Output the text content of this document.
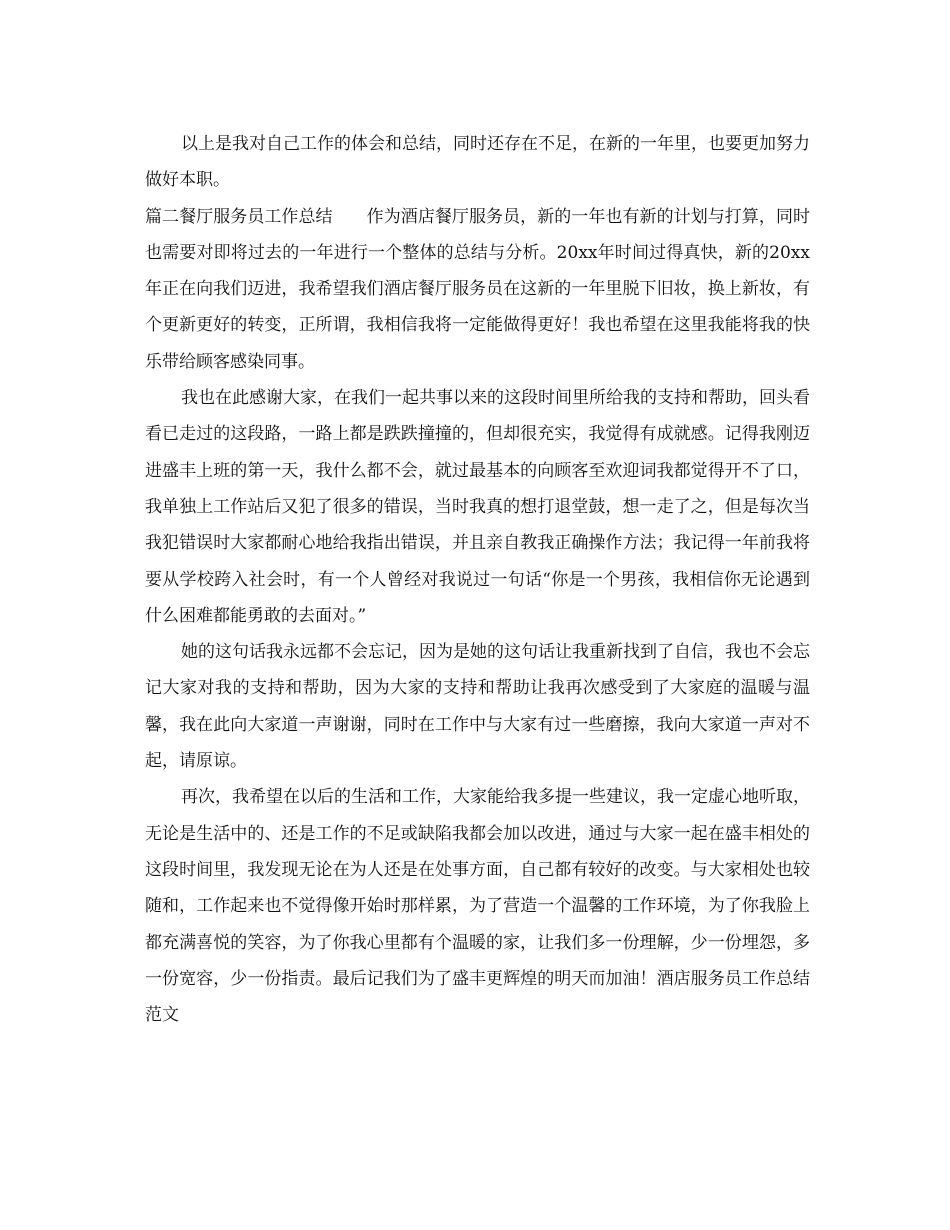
以上是我对自己工作的体会和总结，同时还存在不足，在新的一年里，也要更加努力做好本职。

篇二餐厅服务员工作总结 作为酒店餐厅服务员，新的一年也有新的计划与打算，同时也需要对即将过去的一年进行一个整体的总结与分析。20xx年时间过得真快，新的20xx年正在向我们迈进，我希望我们酒店餐厅服务员在这新的一年里脱下旧妆，换上新妆，有个更新更好的转变，正所谓，我相信我将一定能做得更好！我也希望在这里我能将我的快乐带给顾客感染同事。

我也在此感谢大家，在我们一起共事以来的这段时间里所给我的支持和帮助，回头看看已走过的这段路，一路上都是跌跌撞撞的，但却很充实，我觉得有成就感。记得我刚迈进盛丰上班的第一天，我什么都不会，就过最基本的向顾客至欢迎词我都觉得开不了口，我单独上工作站后又犯了很多的错误，当时我真的想打退堂鼓，想一走了之，但是每次当我犯错误时大家都耐心地给我指出错误，并且亲自教我正确操作方法；我记得一年前我将要从学校跨入社会时，有一个人曾经对我说过一句话“你是一个男孩，我相信你无论遇到什么困难都能勇敢的去面对。”

她的这句话我永远都不会忘记，因为是她的这句话让我重新找到了自信，我也不会忘记大家对我的支持和帮助，因为大家的支持和帮助让我再次感受到了大家庭的温暖与温馨，我在此向大家道一声谢谢，同时在工作中与大家有过一些磨擦，我向大家道一声对不起，请原谅。

再次，我希望在以后的生活和工作，大家能给我多提一些建议，我一定虚心地听取，无论是生活中的、还是工作的不足或缺陷我都会加以改进，通过与大家一起在盛丰相处的这段时间里，我发现无论在为人还是在处事方面，自己都有较好的改变。与大家相处也较随和，工作起来也不觉得像开始时那样累，为了营造一个温馨的工作环境，为了你我脸上都充满喜悦的笑容，为了你我心里都有个温暖的家，让我们多一份理解，少一份埋怨，多一份宽容，少一份指责。最后记我们为了盛丰更辉煌的明天而加油！酒店服务员工作总结范文
